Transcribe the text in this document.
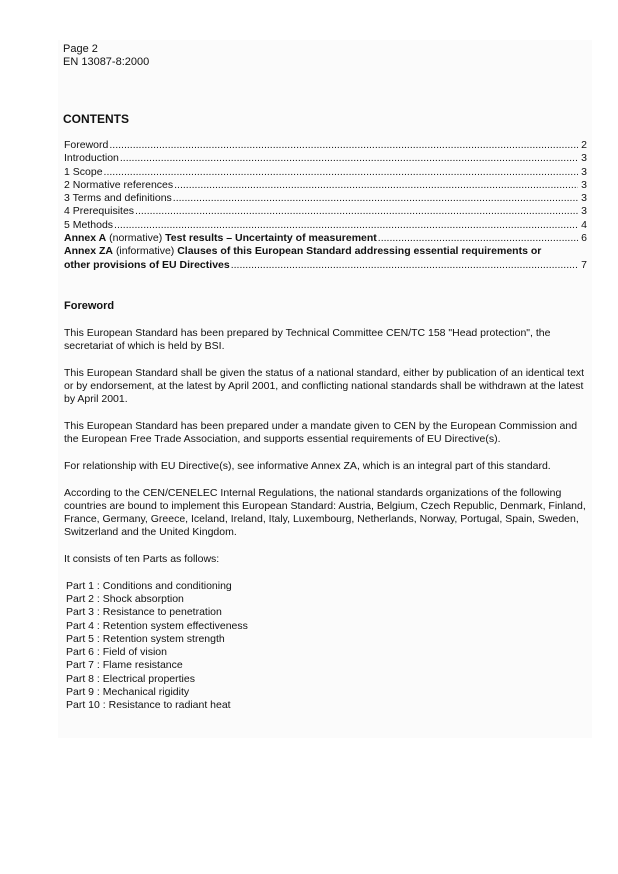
Page 2
EN 13087-8:2000
CONTENTS
Foreword .....	2
Introduction .....	3
1 Scope .....	3
2 Normative references .....	3
3 Terms and definitions .....	3
4 Prerequisites .....	3
5 Methods .....	4
Annex A (normative) Test results – Uncertainty of measurement .....	6
Annex ZA (informative) Clauses of this European Standard addressing essential requirements or
other provisions of EU Directives .....	7
Foreword

This European Standard has been prepared by Technical Committee CEN/TC 158 "Head protection", the secretariat of which is held by BSI.

This European Standard shall be given the status of a national standard, either by publication of an identical text or by endorsement, at the latest by April 2001, and conflicting national standards shall be withdrawn at the latest by April 2001.

This European Standard has been prepared under a mandate given to CEN by the European Commission and the European Free Trade Association, and supports essential requirements of EU Directive(s).

For relationship with EU Directive(s), see informative Annex ZA, which is an integral part of this standard.

According to the CEN/CENELEC Internal Regulations, the national standards organizations of the following countries are bound to implement this European Standard: Austria, Belgium, Czech Republic, Denmark, Finland, France, Germany, Greece, Iceland, Ireland, Italy, Luxembourg, Netherlands, Norway, Portugal, Spain, Sweden, Switzerland and the United Kingdom.

It consists of ten Parts as follows:

Part 1 : Conditions and conditioning
Part 2 : Shock absorption
Part 3 : Resistance to penetration
Part 4 : Retention system effectiveness
Part 5 : Retention system strength
Part 6 : Field of vision
Part 7 : Flame resistance
Part 8 : Electrical properties
Part 9 : Mechanical rigidity
Part 10 : Resistance to radiant heat
